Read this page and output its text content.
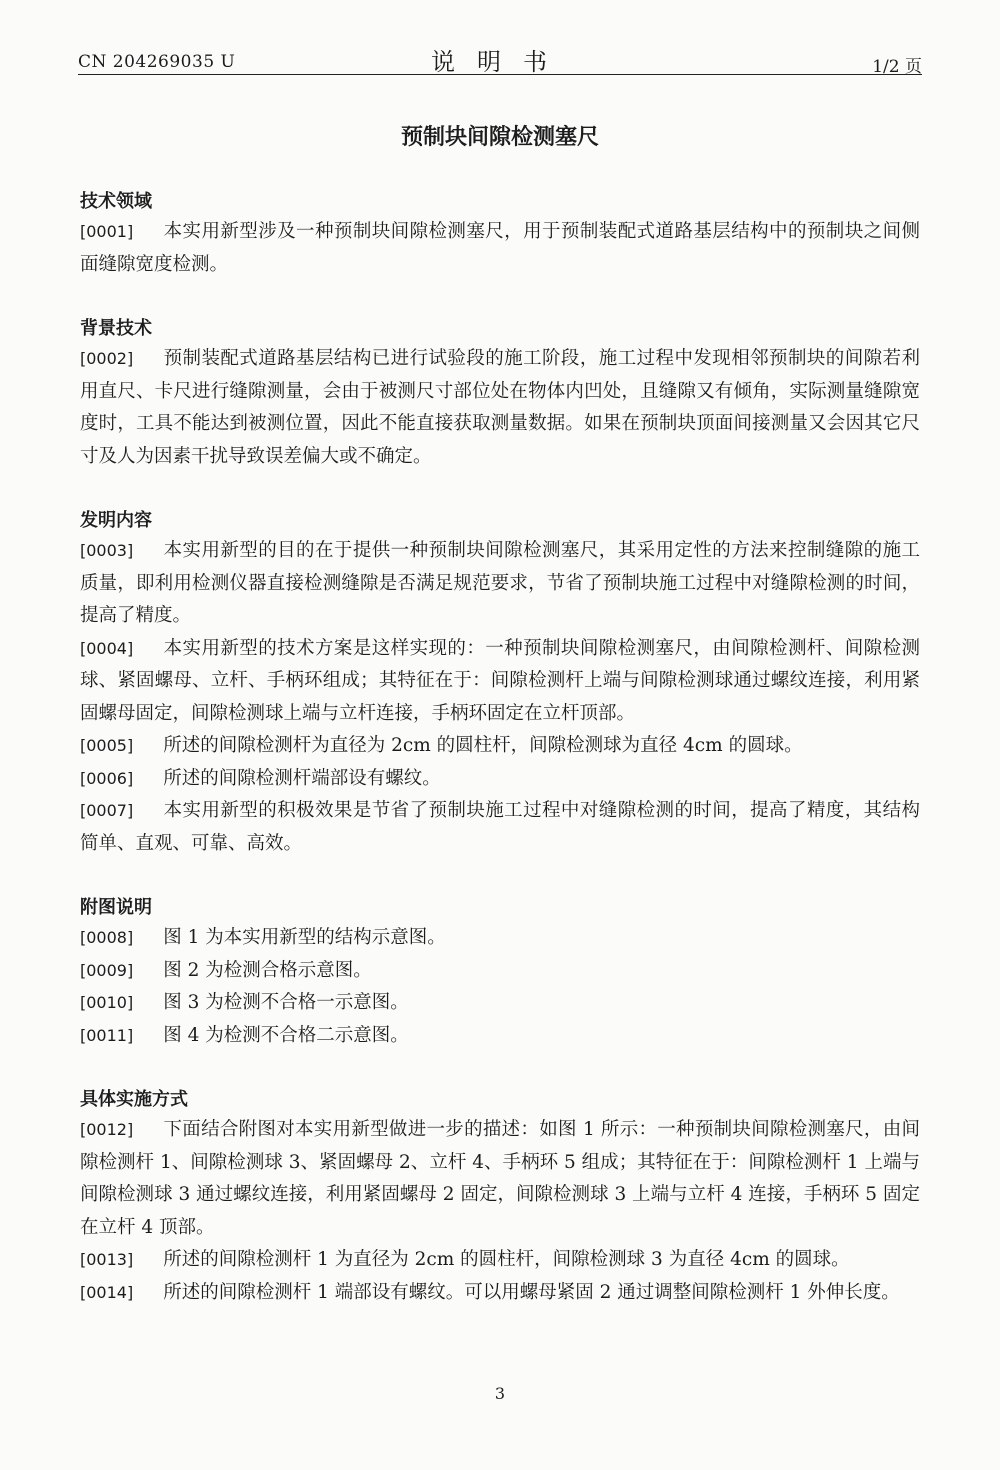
CN 204269035 U	说明书	1/2 页
预制块间隙检测塞尺
技术领域

[0001] 本实用新型涉及一种预制块间隙检测塞尺，用于预制装配式道路基层结构中的预制块之间侧面缝隙宽度检测。

背景技术

[0002] 预制装配式道路基层结构已进行试验段的施工阶段，施工过程中发现相邻预制块的间隙若利用直尺、卡尺进行缝隙测量，会由于被测尺寸部位处在物体内凹处，且缝隙又有倾角，实际测量缝隙宽度时，工具不能达到被测位置，因此不能直接获取测量数据。如果在预制块顶面间接测量又会因其它尺寸及人为因素干扰导致误差偏大或不确定。

发明内容

[0003] 本实用新型的目的在于提供一种预制块间隙检测塞尺，其采用定性的方法来控制缝隙的施工质量，即利用检测仪器直接检测缝隙是否满足规范要求，节省了预制块施工过程中对缝隙检测的时间，提高了精度。

[0004] 本实用新型的技术方案是这样实现的：一种预制块间隙检测塞尺，由间隙检测杆、间隙检测球、紧固螺母、立杆、手柄环组成；其特征在于：间隙检测杆上端与间隙检测球通过螺纹连接，利用紧固螺母固定，间隙检测球上端与立杆连接，手柄环固定在立杆顶部。

[0005] 所述的间隙检测杆为直径为 2cm 的圆柱杆，间隙检测球为直径 4cm 的圆球。

[0006] 所述的间隙检测杆端部设有螺纹。

[0007] 本实用新型的积极效果是节省了预制块施工过程中对缝隙检测的时间，提高了精度，其结构简单、直观、可靠、高效。

附图说明

[0008] 图 1 为本实用新型的结构示意图。

[0009] 图 2 为检测合格示意图。

[0010] 图 3 为检测不合格一示意图。

[0011] 图 4 为检测不合格二示意图。

具体实施方式

[0012] 下面结合附图对本实用新型做进一步的描述：如图 1 所示：一种预制块间隙检测塞尺，由间隙检测杆 1、间隙检测球 3、紧固螺母 2、立杆 4、手柄环 5 组成；其特征在于：间隙检测杆 1 上端与间隙检测球 3 通过螺纹连接，利用紧固螺母 2 固定，间隙检测球 3 上端与立杆 4 连接，手柄环 5 固定在立杆 4 顶部。

[0013] 所述的间隙检测杆 1 为直径为 2cm 的圆柱杆，间隙检测球 3 为直径 4cm 的圆球。

[0014] 所述的间隙检测杆 1 端部设有螺纹。可以用螺母紧固 2 通过调整间隙检测杆 1 外伸长度。

3
